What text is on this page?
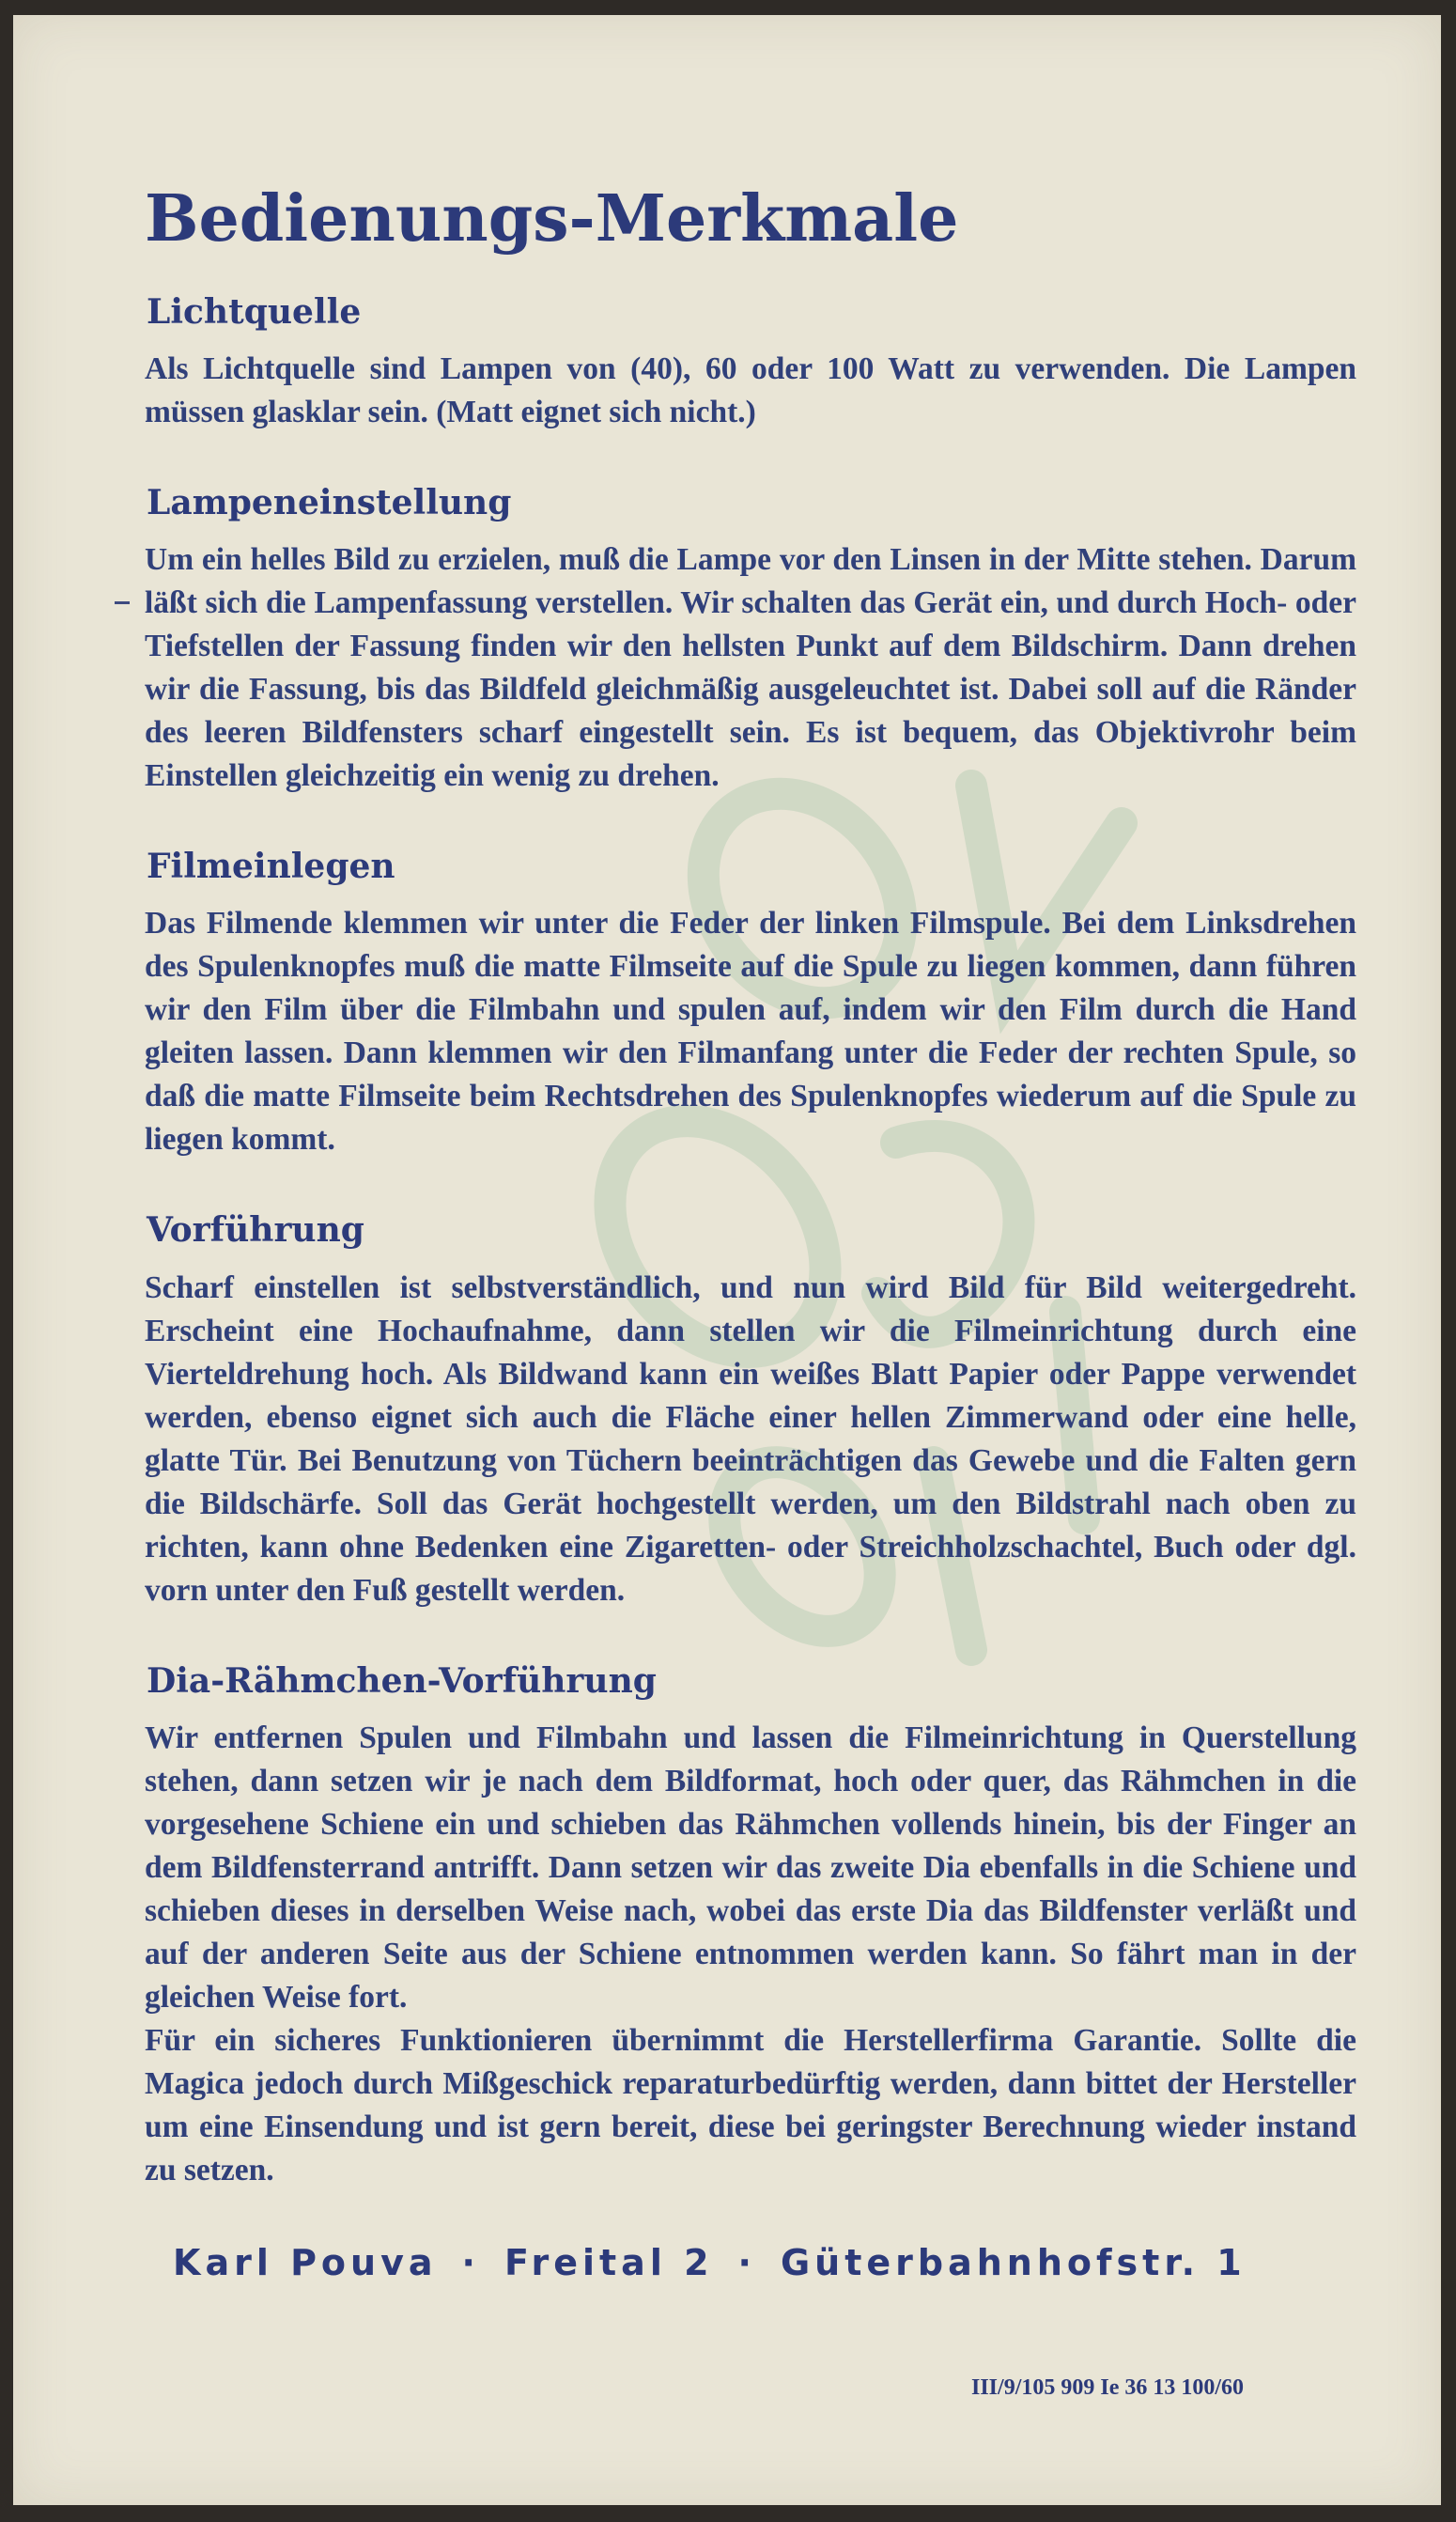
Bedienungs-Merkmale
Lichtquelle

Als Lichtquelle sind Lampen von (40), 60 oder 100 Watt zu verwenden. Die Lampen müssen glasklar sein. (Matt eignet sich nicht.)

Lampeneinstellung

Um ein helles Bild zu erzielen, muß die Lampe vor den Linsen in der Mitte stehen. Darum läßt sich die Lampenfassung verstellen. Wir schalten das Gerät ein, und durch Hoch- oder Tiefstellen der Fassung finden wir den hellsten Punkt auf dem Bildschirm. Dann drehen wir die Fassung, bis das Bildfeld gleichmäßig ausgeleuchtet ist. Dabei soll auf die Ränder des leeren Bildfensters scharf eingestellt sein. Es ist bequem, das Objektivrohr beim Einstellen gleichzeitig ein wenig zu drehen.

Filmeinlegen

Das Filmende klemmen wir unter die Feder der linken Filmspule. Bei dem Linksdrehen des Spulenknopfes muß die matte Filmseite auf die Spule zu liegen kommen, dann führen wir den Film über die Filmbahn und spulen auf, indem wir den Film durch die Hand gleiten lassen. Dann klemmen wir den Filmanfang unter die Feder der rechten Spule, so daß die matte Filmseite beim Rechtsdrehen des Spulenknopfes wiederum auf die Spule zu liegen kommt.

Vorführung

Scharf einstellen ist selbstverständlich, und nun wird Bild für Bild weitergedreht. Erscheint eine Hochaufnahme, dann stellen wir die Filmeinrichtung durch eine Vierteldrehung hoch. Als Bildwand kann ein weißes Blatt Papier oder Pappe verwendet werden, ebenso eignet sich auch die Fläche einer hellen Zimmerwand oder eine helle, glatte Tür. Bei Benutzung von Tüchern beeinträchtigen das Gewebe und die Falten gern die Bildschärfe. Soll das Gerät hochgestellt werden, um den Bildstrahl nach oben zu richten, kann ohne Bedenken eine Zigaretten- oder Streichholzschachtel, Buch oder dgl. vorn unter den Fuß gestellt werden.

Dia-Rähmchen-Vorführung

Wir entfernen Spulen und Filmbahn und lassen die Filmeinrichtung in Querstellung stehen, dann setzen wir je nach dem Bildformat, hoch oder quer, das Rähmchen in die vorgesehene Schiene ein und schieben das Rähmchen vollends hinein, bis der Finger an dem Bildfensterrand antrifft. Dann setzen wir das zweite Dia ebenfalls in die Schiene und schieben dieses in derselben Weise nach, wobei das erste Dia das Bildfenster verläßt und auf der anderen Seite aus der Schiene entnommen werden kann. So fährt man in der gleichen Weise fort.
Für ein sicheres Funktionieren übernimmt die Herstellerfirma Garantie. Sollte die Magica jedoch durch Mißgeschick reparaturbedürftig werden, dann bittet der Hersteller um eine Einsendung und ist gern bereit, diese bei geringster Berechnung wieder instand zu setzen.

Karl Pouva · Freital 2 · Güterbahnhofstr. 1
III/9/105 909 Ie 36 13 100/60
